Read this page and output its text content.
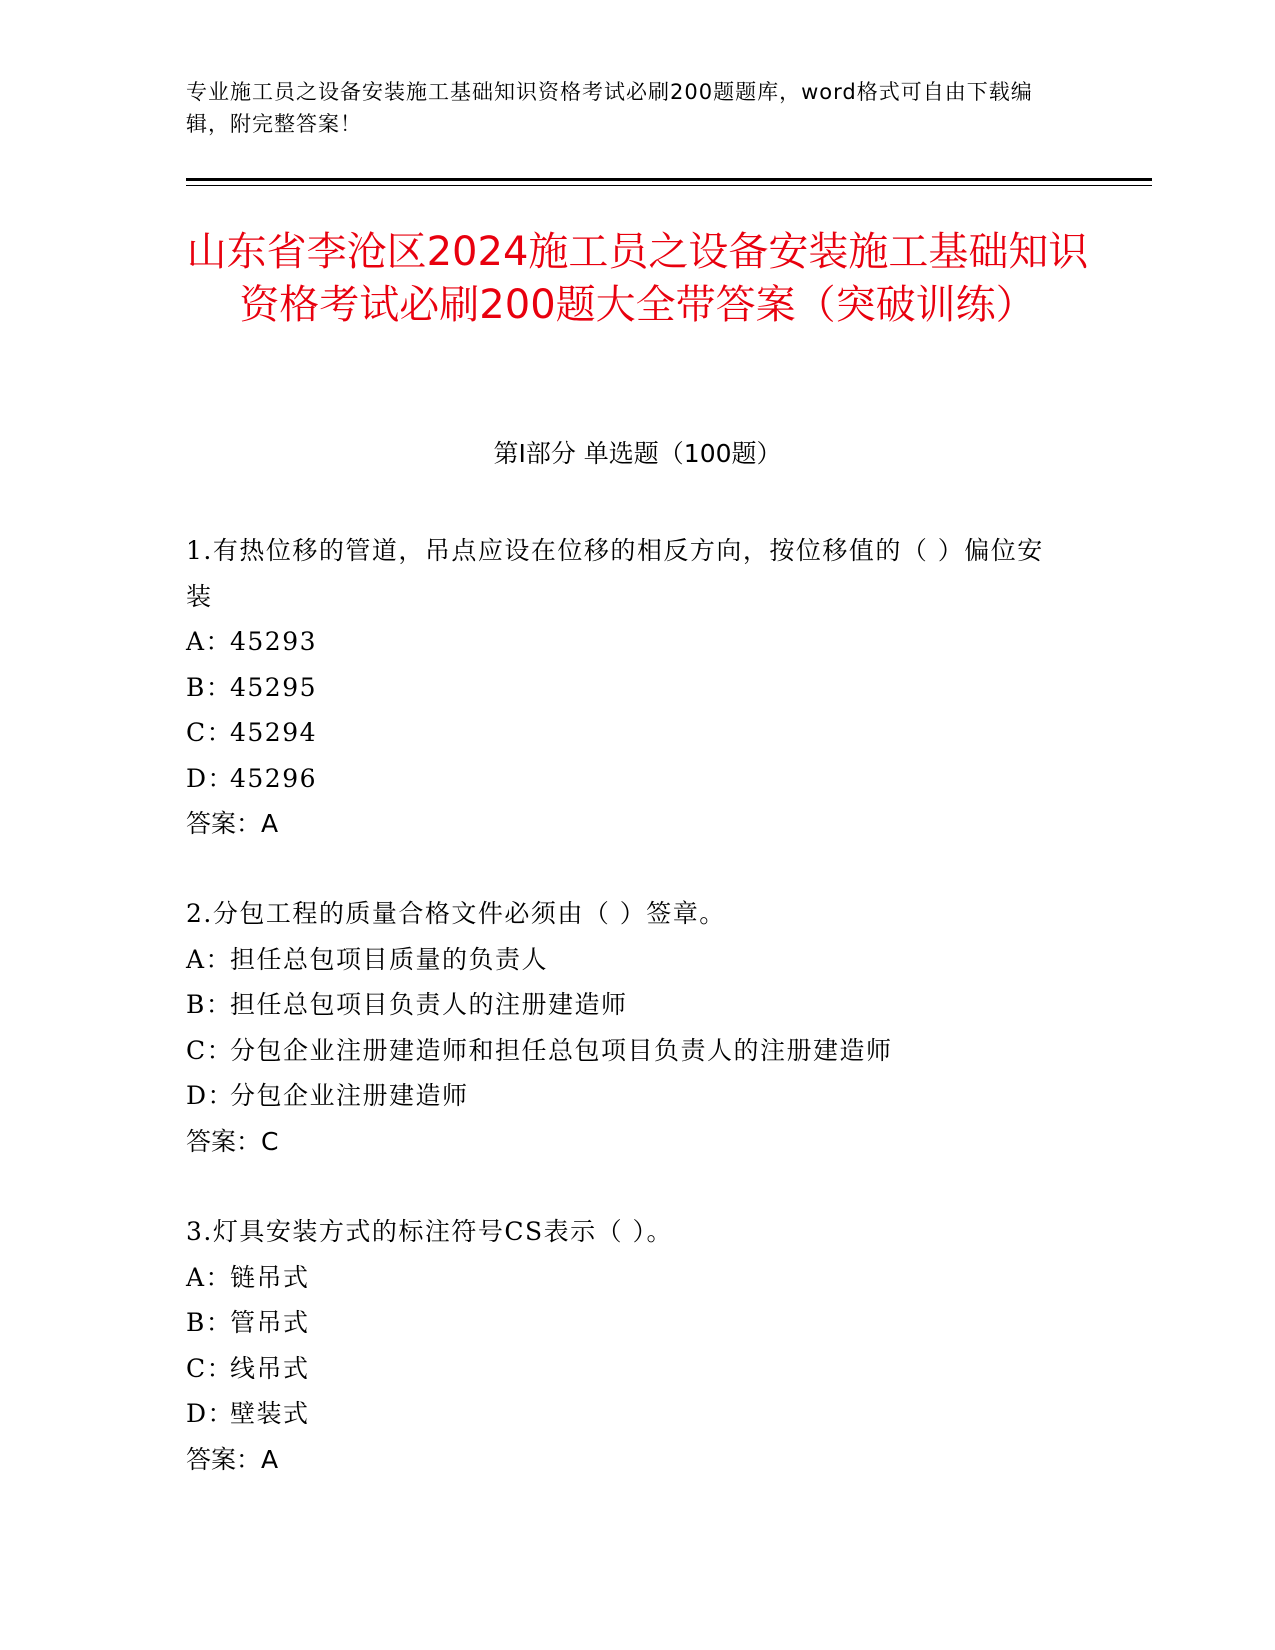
专业施工员之设备安装施工基础知识资格考试必刷200题题库，word格式可自由下载编辑，附完整答案！

山东省李沧区2024施工员之设备安装施工基础知识资格考试必刷200题大全带答案（突破训练）
第Ⅰ部分 单选题（100题）
1.有热位移的管道，吊点应设在位移的相反方向，按位移值的（ ）偏位安装
A：45293
B：45295
C：45294
D：45296
答案：A
2.分包工程的质量合格文件必须由（ ）签章。
A：担任总包项目质量的负责人
B：担任总包项目负责人的注册建造师
C：分包企业注册建造师和担任总包项目负责人的注册建造师
D：分包企业注册建造师
答案：C
3.灯具安装方式的标注符号CS表示（ ）。
A：链吊式
B：管吊式
C：线吊式
D：壁装式
答案：A
